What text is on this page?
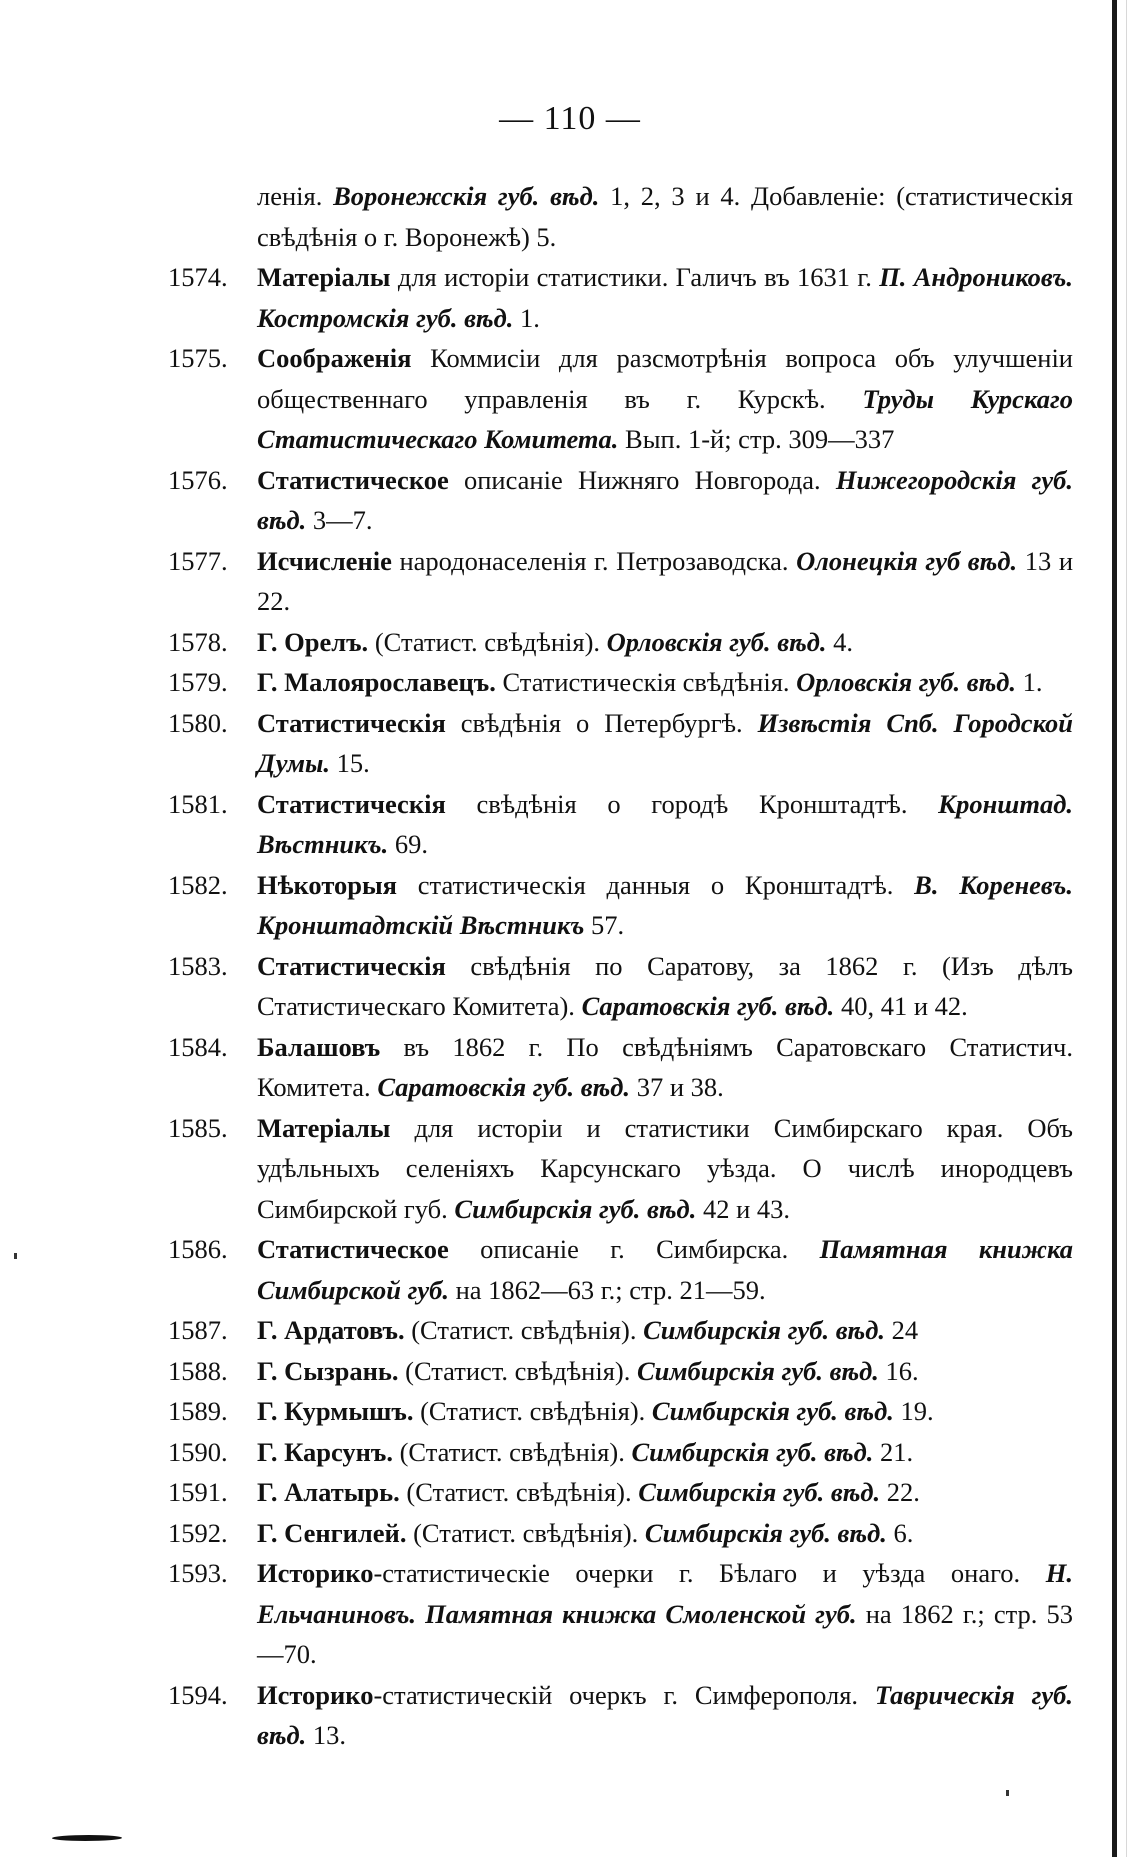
— 110 —
ленія. Воронежскія губ. вѣд. 1, 2, 3 и 4. Добавленіе: (статистическія свѣдѣнія о г. Воронежѣ) 5.
1574. Матеріалы для исторіи статистики. Галичъ въ 1631 г. П. Андрониковъ. Костромскія губ. вѣд. 1.
1575. Соображенія Коммисіи для разсмотрѣнія вопроса объ улучшеніи общественнаго управленія въ г. Курскѣ. Труды Курскаго Статистическаго Комитета. Вып. 1-й; стр. 309—337
1576. Статистическое описаніе Нижняго Новгорода. Нижегородскія губ. вѣд. 3—7.
1577. Исчисленіе народонаселенія г. Петрозаводска. Олонецкія губ вѣд. 13 и 22.
1578. Г. Орелъ. (Статист. свѣдѣнія). Орловскія губ. вѣд. 4.
1579. Г. Малоярославецъ. Статистическія свѣдѣнія. Орловскія губ. вѣд. 1.
1580. Статистическія свѣдѣнія о Петербургѣ. Извѣстія Спб. Городской Думы. 15.
1581. Статистическія свѣдѣнія о городѣ Кронштадтѣ. Кронштад. Вѣстникъ. 69.
1582. Нѣкоторыя статистическія данныя о Кронштадтѣ. В. Кореневъ. Кронштадтскій Вѣстникъ 57.
1583. Статистическія свѣдѣнія по Саратову, за 1862 г. (Изъ дѣлъ Статистическаго Комитета). Саратовскія губ. вѣд. 40, 41 и 42.
1584. Балашовъ въ 1862 г. По свѣдѣніямъ Саратовскаго Статистич. Комитета. Саратовскія губ. вѣд. 37 и 38.
1585. Матеріалы для исторіи и статистики Симбирскаго края. Объ удѣльныхъ селеніяхъ Карсунскаго уѣзда. О числѣ инородцевъ Симбирской губ. Симбирскія губ. вѣд. 42 и 43.
1586. Статистическое описаніе г. Симбирска. Памятная книжка Симбирской губ. на 1862—63 г.; стр. 21—59.
1587. Г. Ардатовъ. (Статист. свѣдѣнія). Симбирскія губ. вѣд. 24
1588. Г. Сызрань. (Статист. свѣдѣнія). Симбирскія губ. вѣд. 16.
1589. Г. Курмышъ. (Статист. свѣдѣнія). Симбирскія губ. вѣд. 19.
1590. Г. Карсунъ. (Статист. свѣдѣнія). Симбирскія губ. вѣд. 21.
1591. Г. Алатырь. (Статист. свѣдѣнія). Симбирскія губ. вѣд. 22.
1592. Г. Сенгилей. (Статист. свѣдѣнія). Симбирскія губ. вѣд. 6.
1593. Историко-статистическіе очерки г. Бѣлаго и уѣзда онаго. Н. Ельчаниновъ. Памятная книжка Смоленской губ. на 1862 г.; стр. 53—70.
1594. Историко-статистическій очеркъ г. Симферополя. Таврическія губ. вѣд. 13.
